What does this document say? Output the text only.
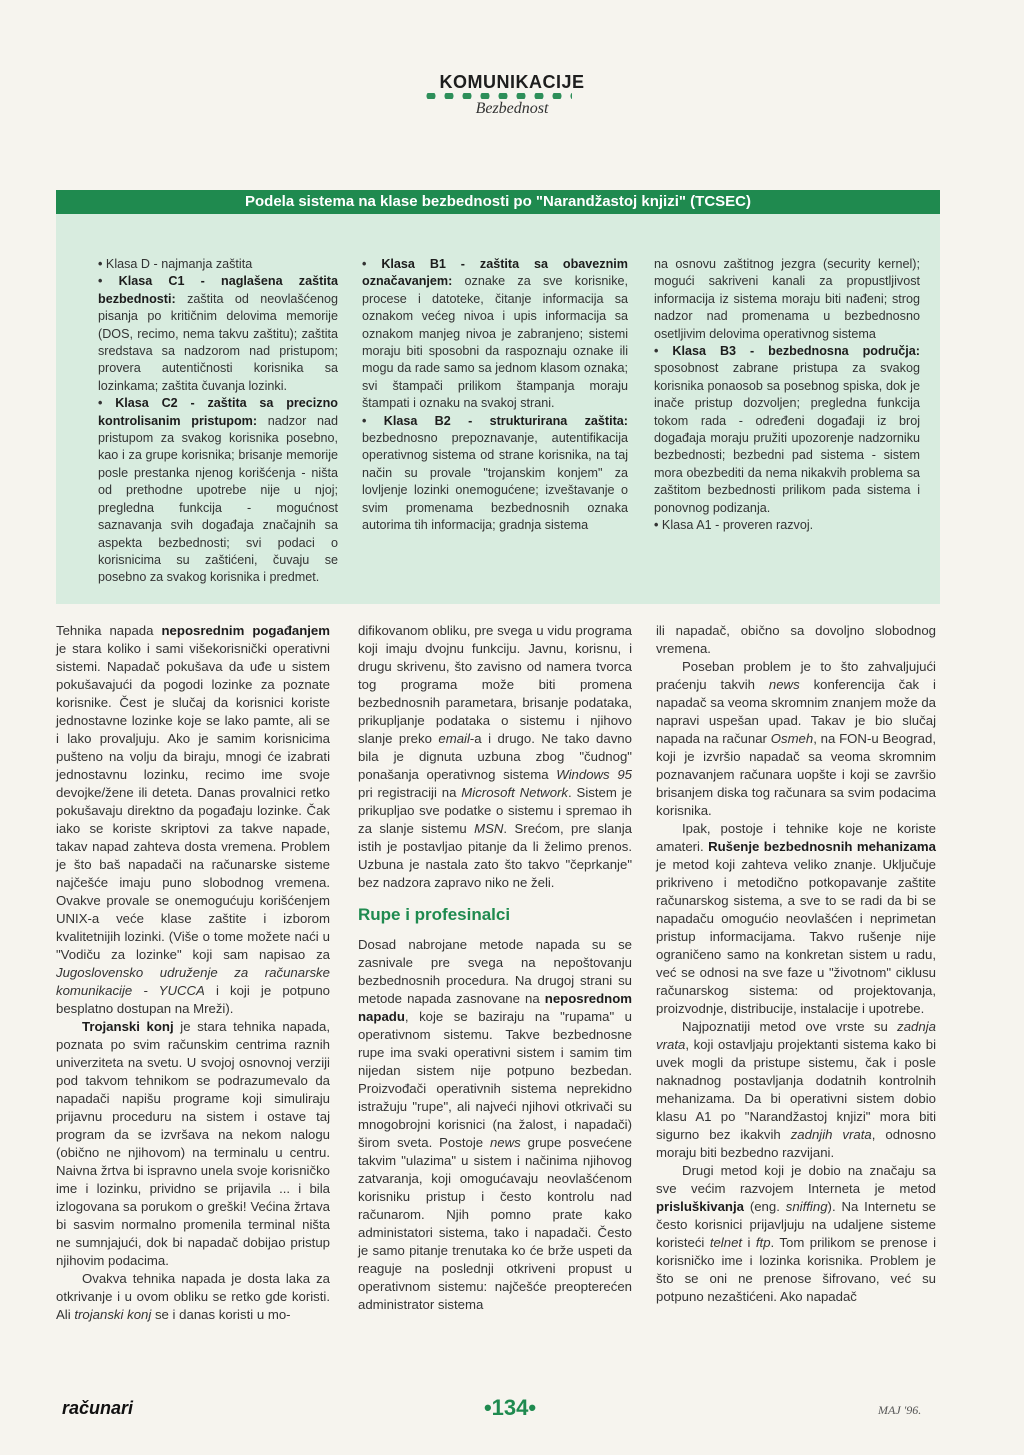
KOMUNIKACIJE
Bezbednost
Podela sistema na klase bezbednosti po "Narandžastoj knjizi" (TCSEC)

• Klasa D - najmanja zaštita

• Klasa C1 - naglašena zaštita bezbednosti: zaštita od neovlašćenog pisanja po kritičnim delovima memorije (DOS, recimo, nema takvu zaštitu); zaštita sredstava sa nadzorom nad pristupom; provera autentičnosti korisnika sa lozinkama; zaštita čuvanja lozinki.

• Klasa C2 - zaštita sa precizno kontrolisanim pristupom: nadzor nad pristupom za svakog korisnika posebno, kao i za grupe korisnika; brisanje memorije posle prestanka njenog korišćenja - ništa od prethodne upotrebe nije u njoj; pregledna funkcija - mogućnost saznavanja svih događaja značajnih sa aspekta bezbednosti; svi podaci o korisnicima su zaštićeni, čuvaju se posebno za svakog korisnika i predmet.

• Klasa B1 - zaštita sa obaveznim označavanjem: oznake za sve korisnike, procese i datoteke, čitanje informacija sa oznakom većeg nivoa i upis informacija sa oznakom manjeg nivoa je zabranjeno; sistemi moraju biti sposobni da raspoznaju oznake ili mogu da rade samo sa jednom klasom oznaka; svi štampači prilikom štampanja moraju štampati i oznaku na svakoj strani.

• Klasa B2 - strukturirana zaštita: bezbednosno prepoznavanje, autentifikacija operativnog sistema od strane korisnika, na taj način su provale "trojanskim konjem" za lovljenje lozinki onemogućene; izveštavanje o svim promenama bezbednosnih oznaka autorima tih informacija; gradnja sistema

na osnovu zaštitnog jezgra (security kernel); mogući sakriveni kanali za propustljivost informacija iz sistema moraju biti nađeni; strog nadzor nad promenama u bezbednosno osetljivim delovima operativnog sistema

• Klasa B3 - bezbednosna područja: sposobnost zabrane pristupa za svakog korisnika ponaosob sa posebnog spiska, dok je inače pristup dozvoljen; pregledna funkcija tokom rada - određeni događaji iz broj događaja moraju pružiti upozorenje nadzorniku bezbednosti; bezbedni pad sistema - sistem mora obezbediti da nema nikakvih problema sa zaštitom bezbednosti prilikom pada sistema i ponovnog podizanja.

• Klasa A1 - proveren razvoj.

Tehnika napada neposrednim pogađanjem je stara koliko i sami višekorisnički operativni sistemi. Napadač pokušava da uđe u sistem pokušavajući da pogodi lozinke za poznate korisnike. Čest je slučaj da korisnici koriste jednostavne lozinke koje se lako pamte, ali se i lako provaljuju. Ako je samim korisnicima pušteno na volju da biraju, mnogi će izabrati jednostavnu lozinku, recimo ime svoje devojke/žene ili deteta. Danas provalnici retko pokušavaju direktno da pogađaju lozinke. Čak iako se koriste skriptovi za takve napade, takav napad zahteva dosta vremena. Problem je što baš napadači na računarske sisteme najčešće imaju puno slobodnog vremena. Ovakve provale se onemogućuju korišćenjem UNIX-a veće klase zaštite i izborom kvalitetnijih lozinki. (Više o tome možete naći u "Vodiču za lozinke" koji sam napisao za Jugoslovensko udruženje za računarske komunikacije - YUCCA i koji je potpuno besplatno dostupan na Mreži).

Trojanski konj je stara tehnika napada, poznata po svim računskim centrima raznih univerziteta na svetu. U svojoj osnovnoj verziji pod takvom tehnikom se podrazumevalo da napadači napišu programe koji simuliraju prijavnu proceduru na sistem i ostave taj program da se izvršava na nekom nalogu (obično ne njihovom) na terminalu u centru. Naivna žrtva bi ispravno unela svoje korisničko ime i lozinku, prividno se prijavila ... i bila izlogovana sa porukom o greški! Većina žrtava bi sasvim normalno promenila terminal ništa ne sumnjajući, dok bi napadač dobijao pristup njihovim podacima.

Ovakva tehnika napada je dosta laka za otkrivanje i u ovom obliku se retko gde koristi. Ali trojanski konj se i danas koristi u mo-

difikovanom obliku, pre svega u vidu programa koji imaju dvojnu funkciju. Javnu, korisnu, i drugu skrivenu, što zavisno od namera tvorca tog programa može biti promena bezbednosnih parametara, brisanje podataka, prikupljanje podataka o sistemu i njihovo slanje preko email-a i drugo. Ne tako davno bila je dignuta uzbuna zbog "čudnog" ponašanja operativnog sistema Windows 95 pri registraciji na Microsoft Network. Sistem je prikupljao sve podatke o sistemu i spremao ih za slanje sistemu MSN. Srećom, pre slanja istih je postavljao pitanje da li želimo prenos. Uzbuna je nastala zato što takvo "čeprkanje" bez nadzora zapravo niko ne želi.

Rupe i profesinalci

Dosad nabrojane metode napada su se zasnivale pre svega na nepoštovanju bezbednosnih procedura. Na drugoj strani su metode napada zasnovane na neposrednom napadu, koje se baziraju na "rupama" u operativnom sistemu. Takve bezbednosne rupe ima svaki operativni sistem i samim tim nijedan sistem nije potpuno bezbedan. Proizvođači operativnih sistema neprekidno istražuju "rupe", ali najveći njihovi otkrivači su mnogobrojni korisnici (na žalost, i napadači) širom sveta. Postoje news grupe posvećene takvim "ulazima" u sistem i načinima njihovog zatvaranja, koji omogućavaju neovlašćenom korisniku pristup i često kontrolu nad računarom. Njih pomno prate kako administatori sistema, tako i napadači. Često je samo pitanje trenutaka ko će brže uspeti da reaguje na poslednji otkriveni propust u operativnom sistemu: najčešće preopterećen administrator sistema

ili napadač, obično sa dovoljno slobodnog vremena.

Poseban problem je to što zahvaljujući praćenju takvih news konferencija čak i napadač sa veoma skromnim znanjem može da napravi uspešan upad. Takav je bio slučaj napada na računar Osmeh, na FON-u Beograd, koji je izvršio napadač sa veoma skromnim poznavanjem računara uopšte i koji se završio brisanjem diska tog računara sa svim podacima korisnika.

Ipak, postoje i tehnike koje ne koriste amateri. Rušenje bezbednosnih mehanizama je metod koji zahteva veliko znanje. Uključuje prikriveno i metodično potkopavanje zaštite računarskog sistema, a sve to se radi da bi se napadaču omogućio neovlašćen i neprimetan pristup informacijama. Takvo rušenje nije ograničeno samo na konkretan sistem u radu, već se odnosi na sve faze u "životnom" ciklusu računarskog sistema: od projektovanja, proizvodnje, distribucije, instalacije i upotrebe.

Najpoznatiji metod ove vrste su zadnja vrata, koji ostavljaju projektanti sistema kako bi uvek mogli da pristupe sistemu, čak i posle naknadnog postavljanja dodatnih kontrolnih mehanizama. Da bi operativni sistem dobio klasu A1 po "Narandžastoj knjizi" mora biti sigurno bez ikakvih zadnjih vrata, odnosno moraju biti bezbedno razvijani.

Drugi metod koji je dobio na značaju sa sve većim razvojem Interneta je metod prisluškivanja (eng. sniffing). Na Internetu se često korisnici prijavljuju na udaljene sisteme koristeći telnet i ftp. Tom prilikom se prenose i korisničko ime i lozinka korisnika. Problem je što se oni ne prenose šifrovano, već su potpuno nezaštićeni. Ako napadač

računari	•134•	MAJ '96.
